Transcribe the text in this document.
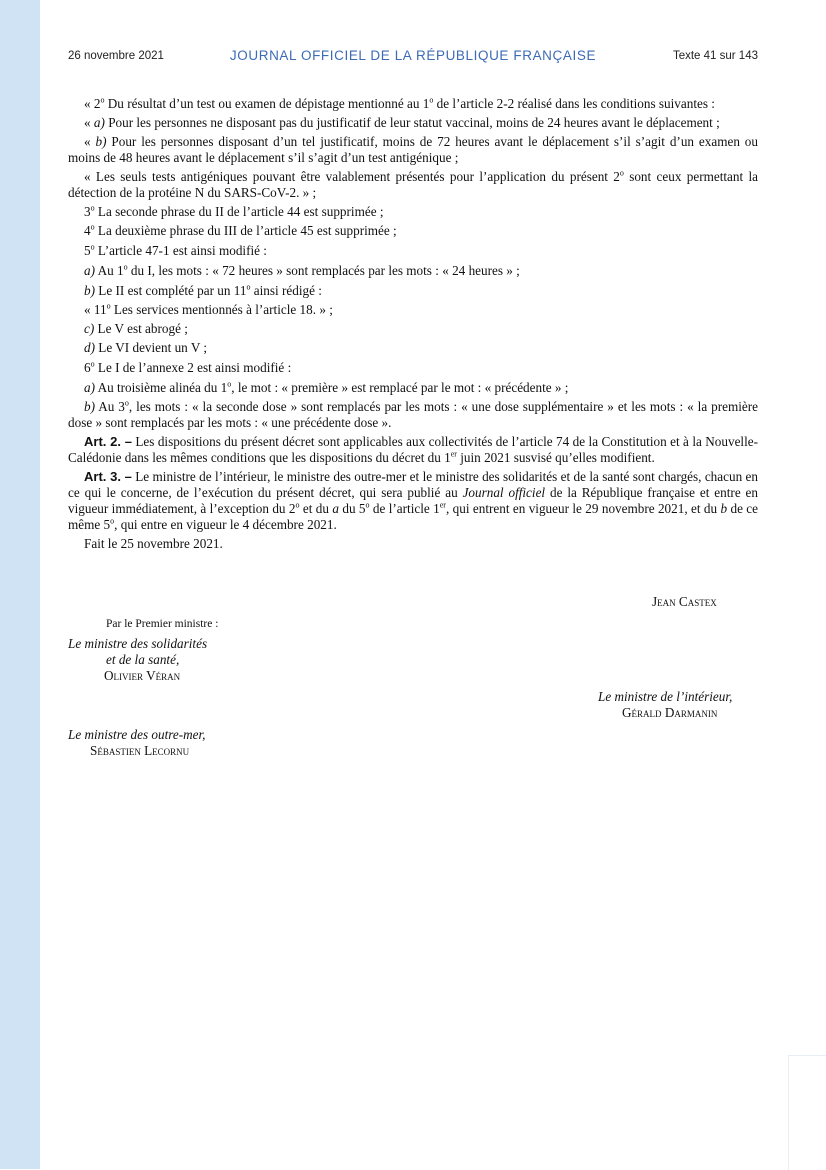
26 novembre 2021	JOURNAL OFFICIEL DE LA RÉPUBLIQUE FRANÇAISE	Texte 41 sur 143

« 2$^o$ Du résultat d’un test ou examen de dépistage mentionné au 1$^o$ de l’article 2-2 réalisé dans les conditions suivantes :

« a) Pour les personnes ne disposant pas du justificatif de leur statut vaccinal, moins de 24 heures avant le déplacement ;

« b) Pour les personnes disposant d’un tel justificatif, moins de 72 heures avant le déplacement s’il s’agit d’un examen ou moins de 48 heures avant le déplacement s’il s’agit d’un test antigénique ;

« Les seuls tests antigéniques pouvant être valablement présentés pour l’application du présent 2$^o$ sont ceux permettant la détection de la protéine N du SARS-CoV-2. » ;

3$^o$ La seconde phrase du II de l’article 44 est supprimée ;

4$^o$ La deuxième phrase du III de l’article 45 est supprimée ;

5$^o$ L’article 47-1 est ainsi modifié :

a) Au 1$^o$ du I, les mots : « 72 heures » sont remplacés par les mots : « 24 heures » ;

b) Le II est complété par un 11$^o$ ainsi rédigé :

« 11$^o$ Les services mentionnés à l’article 18. » ;

c) Le V est abrogé ;

d) Le VI devient un V ;

6$^o$ Le I de l’annexe 2 est ainsi modifié :

a) Au troisième alinéa du 1$^o$, le mot : « première » est remplacé par le mot : « précédente » ;

b) Au 3$^o$, les mots : « la seconde dose » sont remplacés par les mots : « une dose supplémentaire » et les mots : « la première dose » sont remplacés par les mots : « une précédente dose ».

Art. 2. – Les dispositions du présent décret sont applicables aux collectivités de l’article 74 de la Constitution et à la Nouvelle-Calédonie dans les mêmes conditions que les dispositions du décret du 1er juin 2021 susvisé qu’elles modifient.

Art. 3. – Le ministre de l’intérieur, le ministre des outre-mer et le ministre des solidarités et de la santé sont chargés, chacun en ce qui le concerne, de l’exécution du présent décret, qui sera publié au Journal officiel de la République française et entre en vigueur immédiatement, à l’exception du 2$^o$ et du a du 5$^o$ de l’article 1er, qui entrent en vigueur le 29 novembre 2021, et du b de ce même 5$^o$, qui entre en vigueur le 4 décembre 2021.

Fait le 25 novembre 2021.

Jean Castex
Par le Premier ministre :
Le ministre des solidarités
et de la santé,
Olivier Véran
Le ministre de l’intérieur,
Gérald Darmanin
Le ministre des outre-mer,
Sébastien Lecornu
